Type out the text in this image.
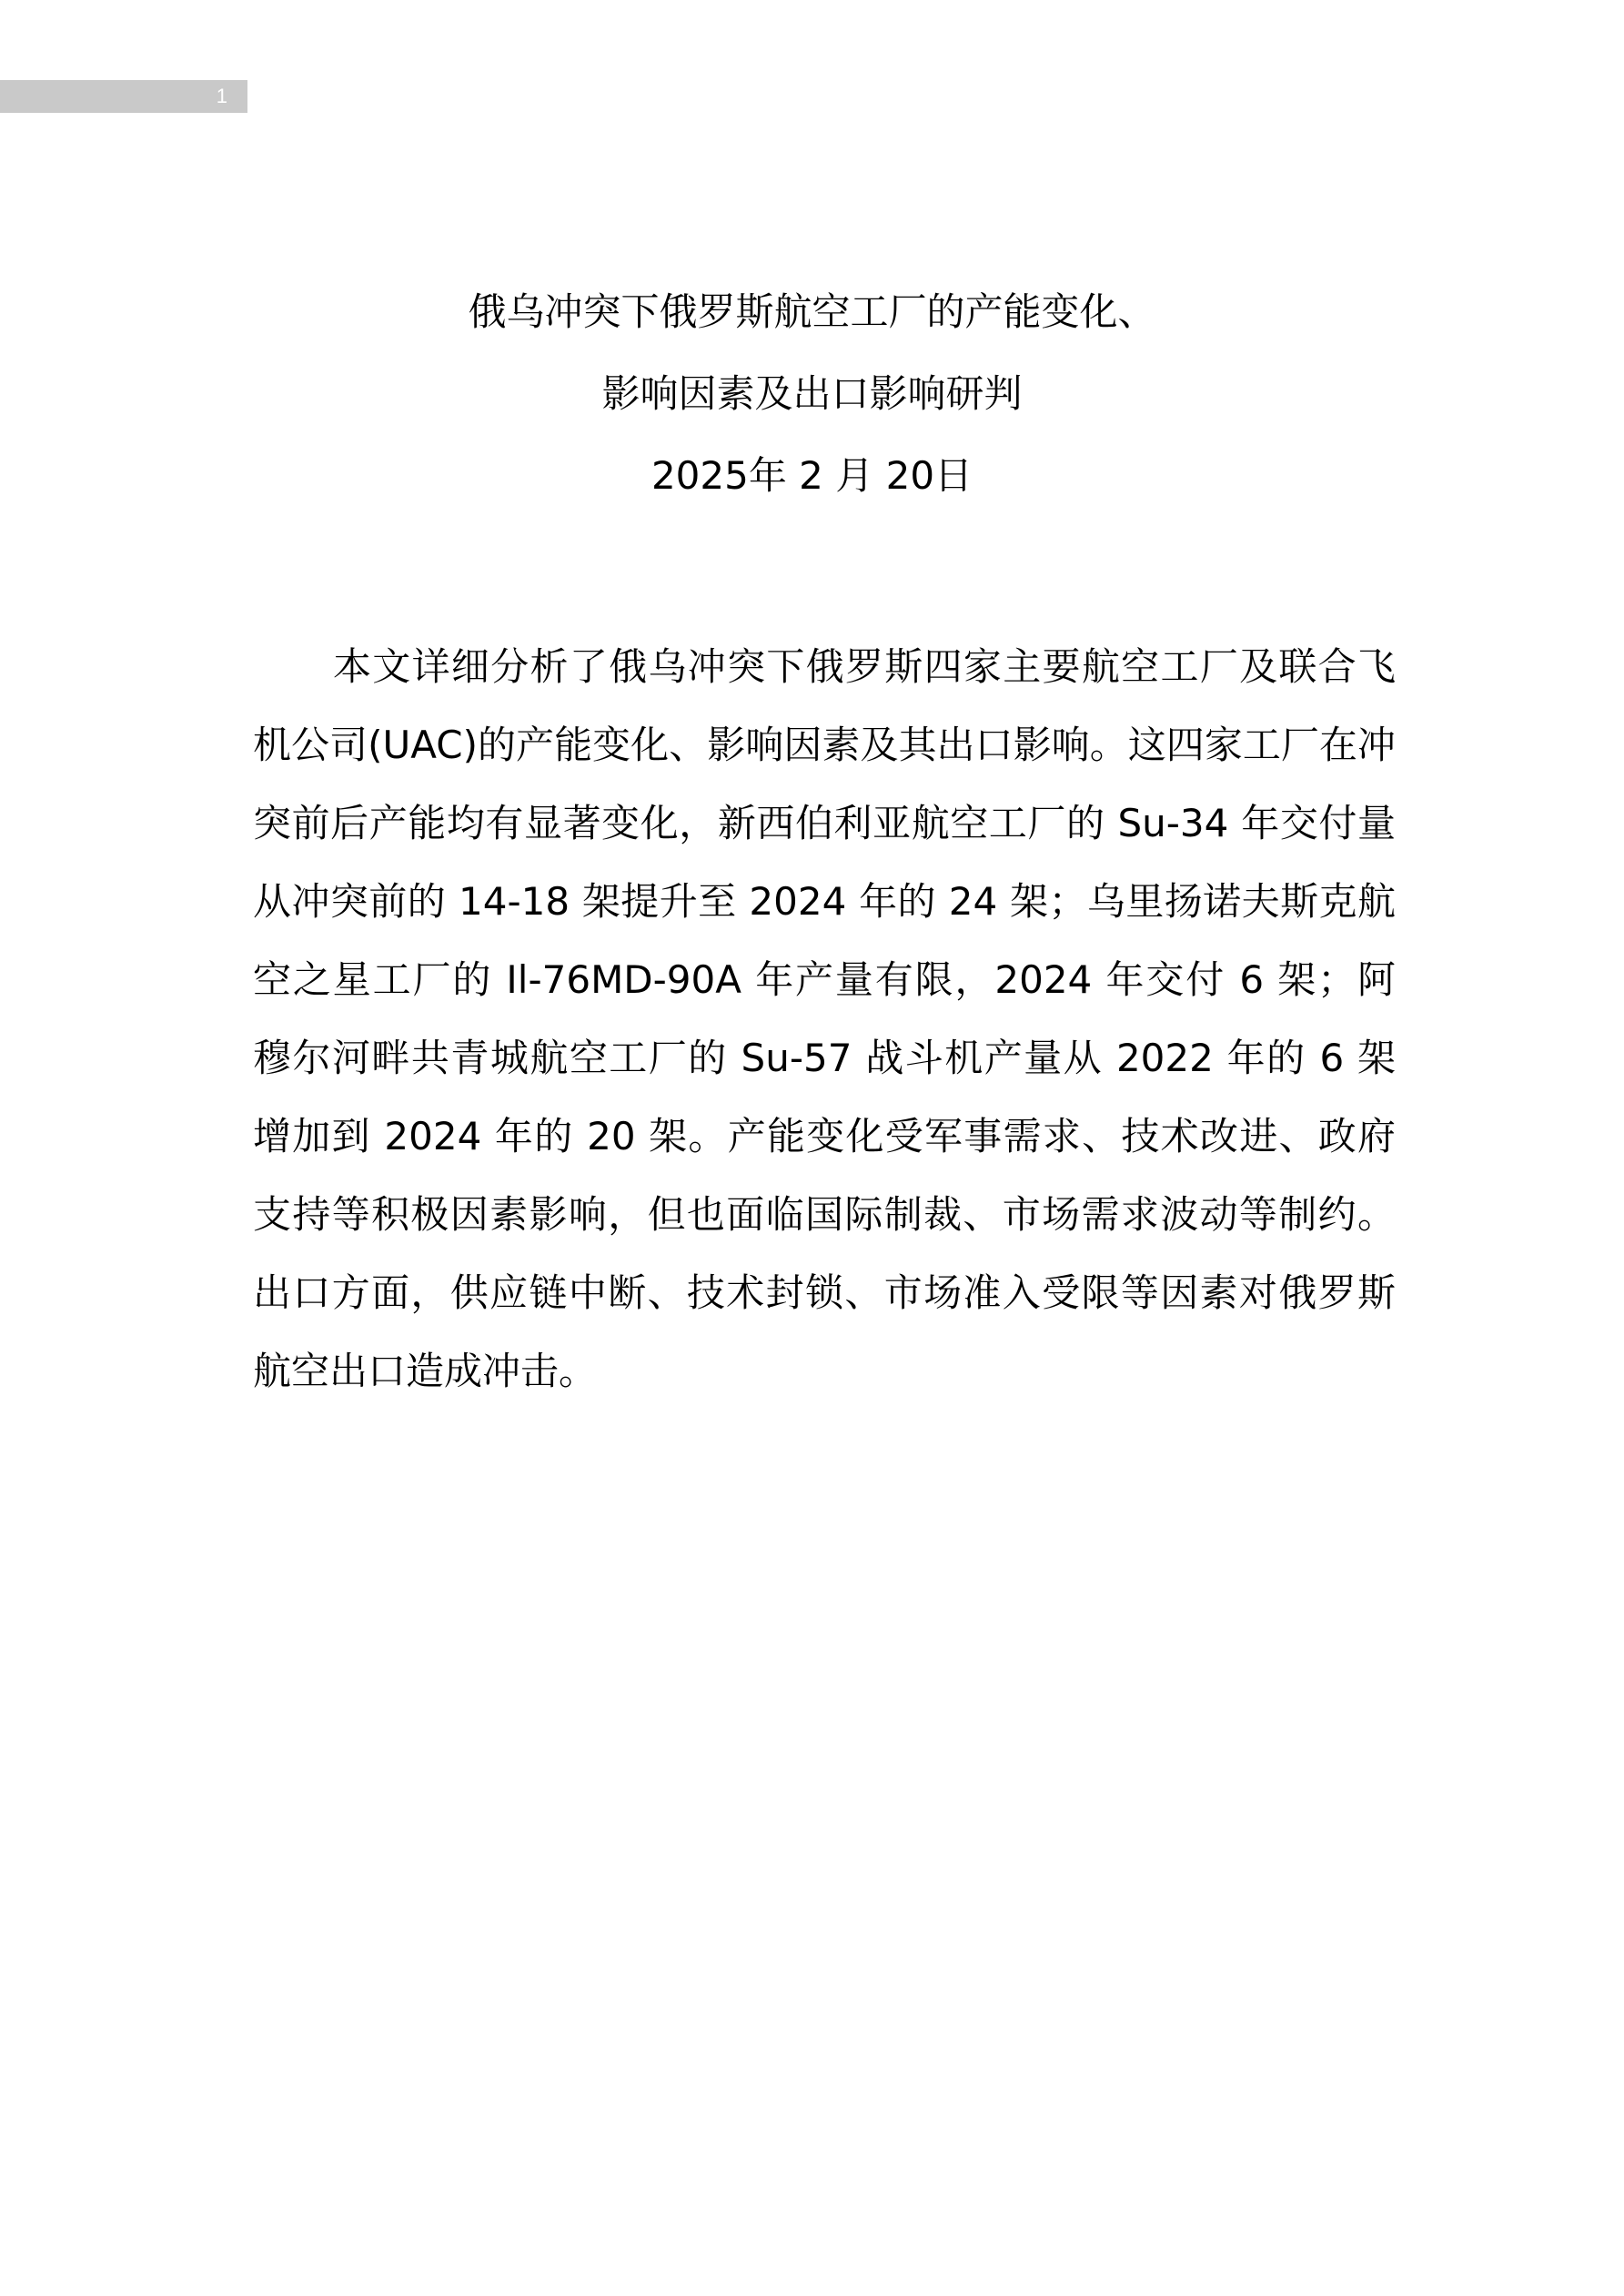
1

俄乌冲突下俄罗斯航空工厂的产能变化、

影响因素及出口影响研判

2025年 2 月 20日

本文详细分析了俄乌冲突下俄罗斯四家主要航空工厂及联合飞机公司(UAC)的产能变化、影响因素及其出口影响。这四家工厂在冲突前后产能均有显著变化，新西伯利亚航空工厂的 Su-34 年交付量从冲突前的 14-18 架提升至 2024 年的 24 架；乌里扬诺夫斯克航空之星工厂的 Il-76MD-90A 年产量有限，2024 年交付 6 架；阿穆尔河畔共青城航空工厂的 Su-57 战斗机产量从 2022 年的 6 架增加到 2024 年的 20 架。产能变化受军事需求、技术改进、政府支持等积极因素影响，但也面临国际制裁、市场需求波动等制约。出口方面，供应链中断、技术封锁、市场准入受限等因素对俄罗斯航空出口造成冲击。
